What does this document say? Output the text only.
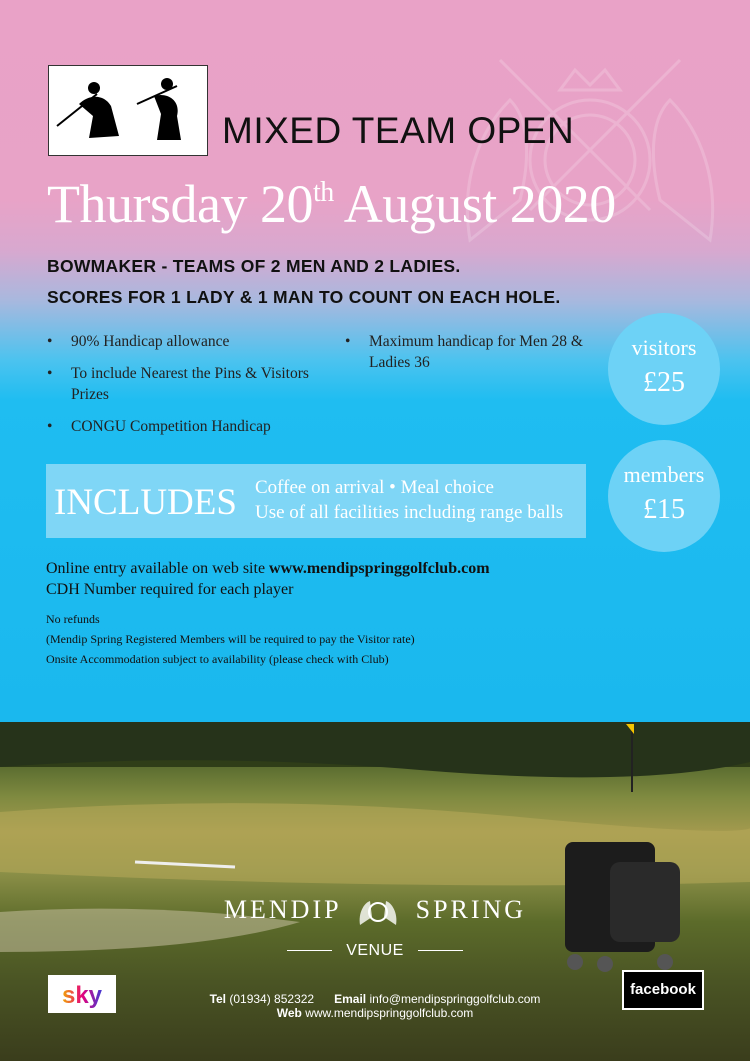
MIXED TEAM OPEN
Thursday 20th August 2020
BOWMAKER - TEAMS OF 2 MEN AND 2 LADIES.
SCORES FOR 1 LADY & 1 MAN TO COUNT ON EACH HOLE.
• 90% Handicap allowance
• To include Nearest the Pins & Visitors Prizes
• CONGU Competition Handicap
• Maximum handicap for Men 28 & Ladies 36
visitors
£25
members
£15
INCLUDES Coffee on arrival • Meal choice
Use of all facilities including range balls
Online entry available on web site www.mendipspringgolfclub.com
CDH Number required for each player
No refunds
(Mendip Spring Registered Members will be required to pay the Visitor rate)
Onsite Accommodation subject to availability (please check with Club)
MENDIP	SPRING
VENUE
Tel (01934) 852322 Email info@mendipspringgolfclub.com
Web www.mendipspringgolfclub.com
sky	facebook
